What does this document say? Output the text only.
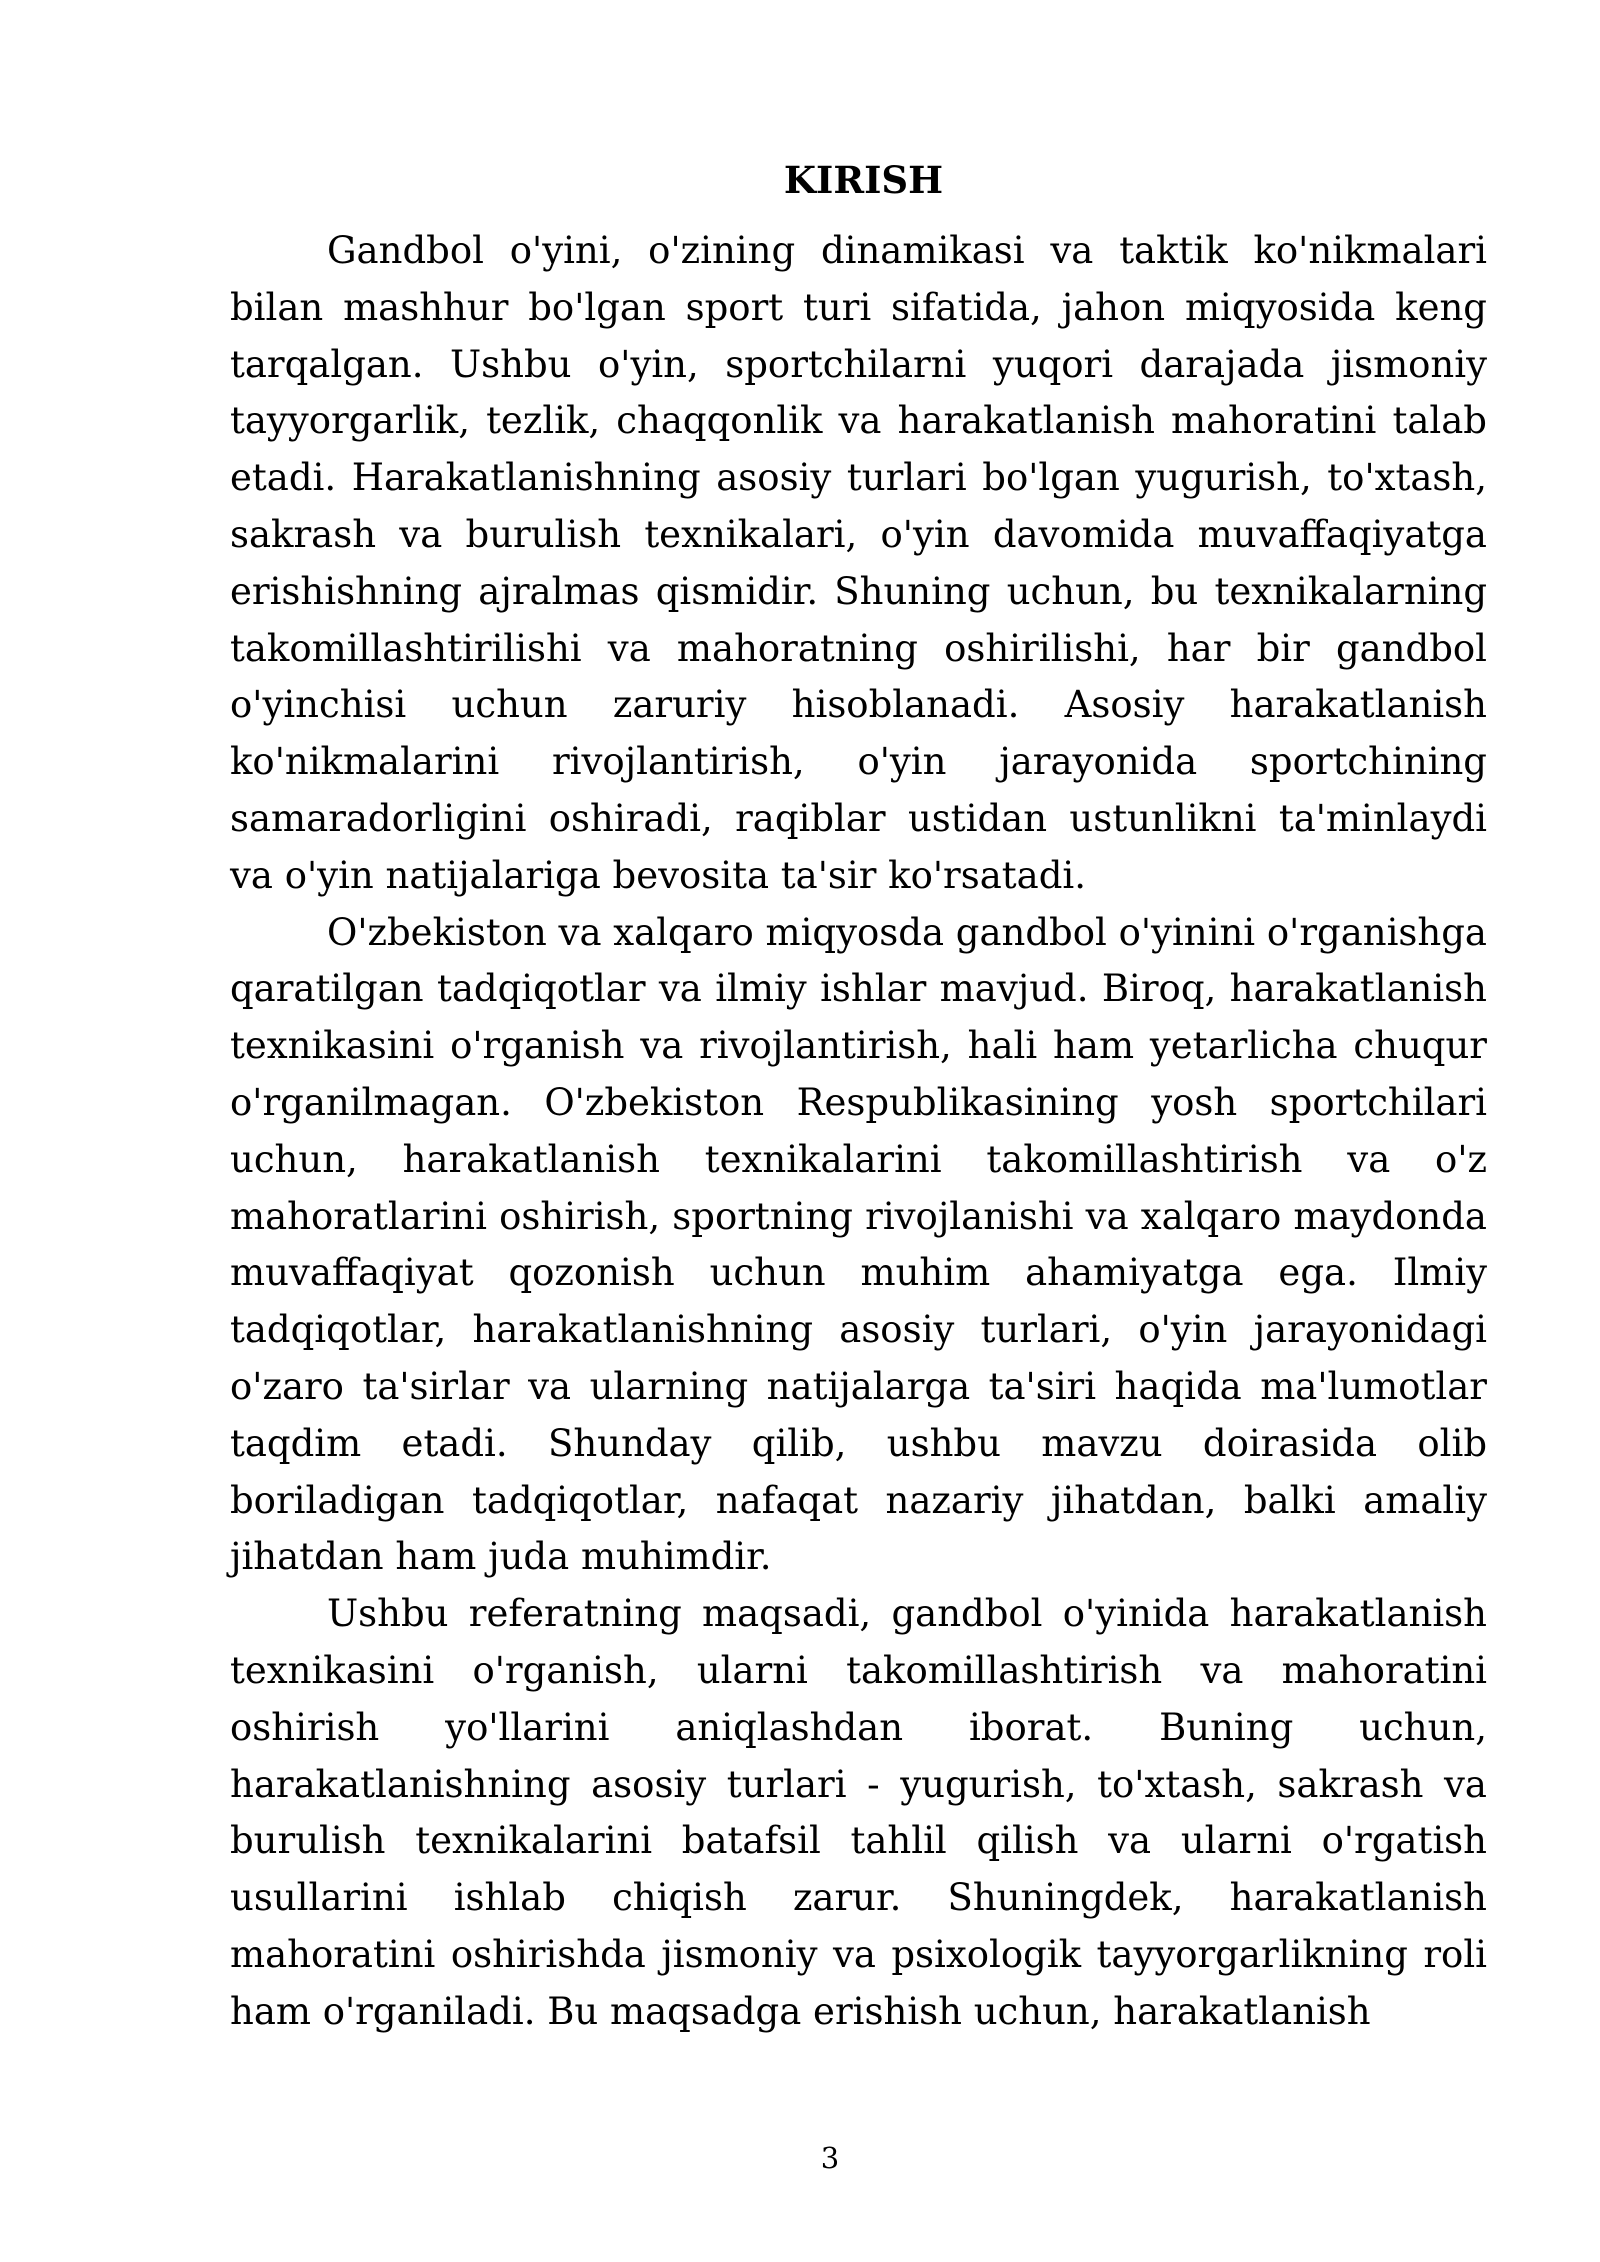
KIRISH

Gandbol o'yini, o'zining dinamikasi va taktik ko'nikmalari bilan mashhur bo'lgan sport turi sifatida, jahon miqyosida keng tarqalgan. Ushbu o'yin, sportchilarni yuqori darajada jismoniy tayyorgarlik, tezlik, chaqqonlik va harakatlanish mahoratini talab etadi. Harakatlanishning asosiy turlari bo'lgan yugurish, to'xtash, sakrash va burulish texnikalari, o'yin davomida muvaffaqiyatga erishishning ajralmas qismidir. Shuning uchun, bu texnikalarning takomillashtirilishi va mahoratning oshirilishi, har bir gandbol o'yinchisi uchun zaruriy hisoblanadi. Asosiy harakatlanish ko'nikmalarini rivojlantirish, o'yin jarayonida sportchining samaradorligini oshiradi, raqiblar ustidan ustunlikni ta'minlaydi va o'yin natijalariga bevosita ta'sir ko'rsatadi.

O'zbekiston va xalqaro miqyosda gandbol o'yinini o'rganishga qaratilgan tadqiqotlar va ilmiy ishlar mavjud. Biroq, harakatlanish texnikasini o'rganish va rivojlantirish, hali ham yetarlicha chuqur o'rganilmagan. O'zbekiston Respublikasining yosh sportchilari uchun, harakatlanish texnikalarini takomillashtirish va o'z mahoratlarini oshirish, sportning rivojlanishi va xalqaro maydonda muvaffaqiyat qozonish uchun muhim ahamiyatga ega. Ilmiy tadqiqotlar, harakatlanishning asosiy turlari, o'yin jarayonidagi o'zaro ta'sirlar va ularning natijalarga ta'siri haqida ma'lumotlar taqdim etadi. Shunday qilib, ushbu mavzu doirasida olib boriladigan tadqiqotlar, nafaqat nazariy jihatdan, balki amaliy jihatdan ham juda muhimdir.

Ushbu referatning maqsadi, gandbol o'yinida harakatlanish texnikasini o'rganish, ularni takomillashtirish va mahoratini oshirish yo'llarini aniqlashdan iborat. Buning uchun, harakatlanishning asosiy turlari - yugurish, to'xtash, sakrash va burulish texnikalarini batafsil tahlil qilish va ularni o'rgatish usullarini ishlab chiqish zarur. Shuningdek, harakatlanish mahoratini oshirishda jismoniy va psixologik tayyorgarlikning roli ham o'rganiladi. Bu maqsadga erishish uchun, harakatlanish

3
